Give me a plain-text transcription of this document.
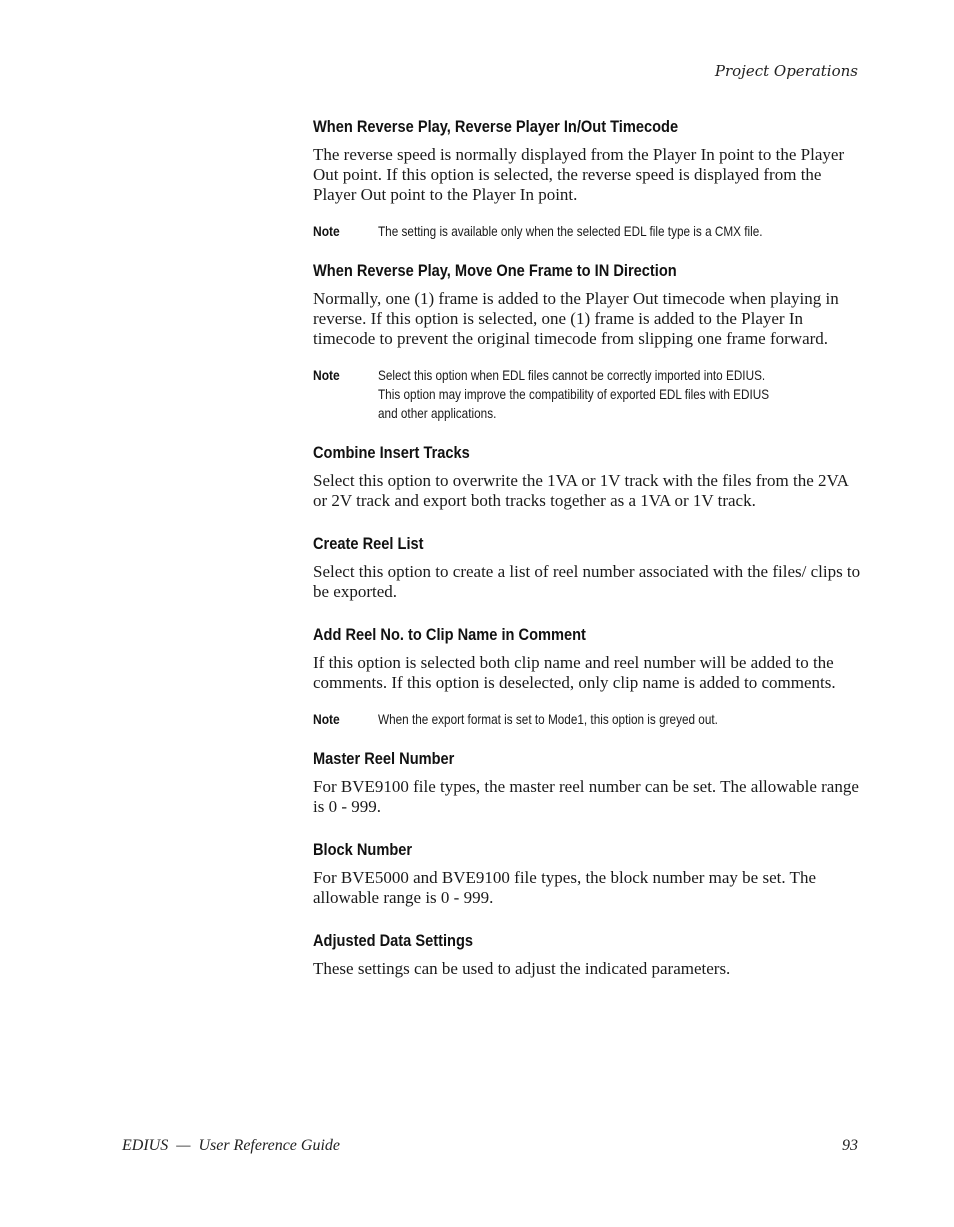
Project Operations
When Reverse Play, Reverse Player In/Out Timecode

The reverse speed is normally displayed from the Player In point to the Player Out point. If this option is selected, the reverse speed is displayed from the Player Out point to the Player In point.

Note	The setting is available only when the selected EDL file type is a CMX file.
When Reverse Play, Move One Frame to IN Direction

Normally, one (1) frame is added to the Player Out timecode when playing in reverse. If this option is selected, one (1) frame is added to the Player In timecode to prevent the original timecode from slipping one frame forward.

Note	Select this option when EDL files cannot be correctly imported into EDIUS. This option may improve the compatibility of exported EDL files with EDIUS and other applications.
Combine Insert Tracks

Select this option to overwrite the 1VA or 1V track with the files from the 2VA or 2V track and export both tracks together as a 1VA or 1V track.

Create Reel List

Select this option to create a list of reel number associated with the files/ clips to be exported.

Add Reel No. to Clip Name in Comment

If this option is selected both clip name and reel number will be added to the comments. If this option is deselected, only clip name is added to comments.

Note	When the export format is set to Mode1, this option is greyed out.
Master Reel Number

For BVE9100 file types, the master reel number can be set. The allowable range is 0 - 999.

Block Number

For BVE5000 and BVE9100 file types, the block number may be set. The allowable range is 0 - 999.

Adjusted Data Settings

These settings can be used to adjust the indicated parameters.

EDIUS  —  User Reference Guide	93
